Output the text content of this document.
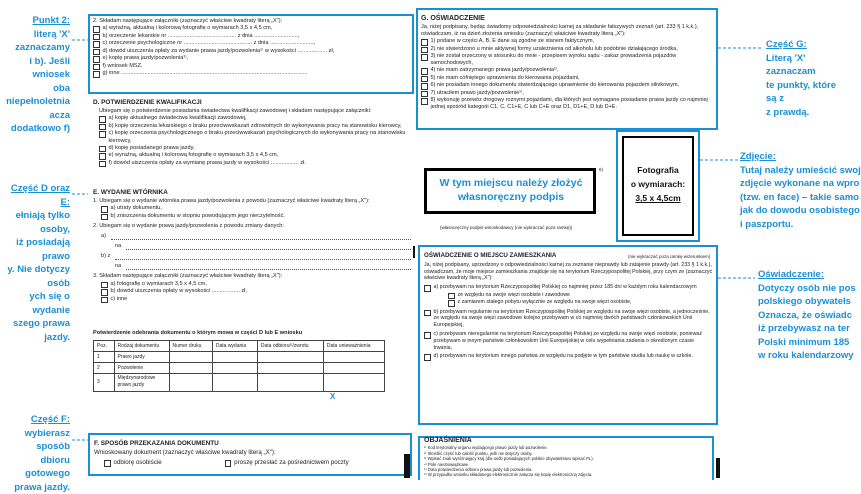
Punkt 2:
literą 'X' zaznaczamy
i b). Jeśli wniosek
oba niepełnoletnia
acza dodatkowo f)
Część D oraz E:
ełniają tylko osoby,
iż posiadają prawo
y. Nie dotyczy osób
ych się o wydanie
szego prawa jazdy.
Część F:
wybierasz sposób
dbioru gotowego
prawa jazdy.
Część G:
Literą 'X' zaznaczam
te punkty, które są z
z prawdą.
Zdjęcie:
Tutaj należy umieścić swoj
zdjęcie wykonane na wpro
(tzw. en face) – takie samo
jak do dowodu osobistego
i paszportu.
Oświadczenie:
Dotyczy osób nie pos
polskiego obywatels
Oznacza, że oświadc
iż przebywasz na ter
Polski minimum 185
w roku kalendarzowy
2. Składam następujące załączniki (zaznaczyć właściwe kwadraty literą „X"):
a) wyraźną, aktualną i kolorową fotografię o wymiarach 3,5 x 4,5 cm,
b) orzeczenie lekarskie nr ............................................ z dnia ............................,
c) orzeczenie psychologiczne nr ............................................ z dnia ............................,
d) dowód uiszczenia opłaty za wydanie prawa jazdy/pozwolenia¹⁾ w wysokości ................... zł,
e) kopię prawa jazdy/pozwolenia¹⁾,
f) wniosek MSZ,
g) inne ........................................................................................................................
D. POTWIERDZENIE KWALIFIKACJI
Ubiegam się o potwierdzenie posiadania świadectwa kwalifikacji zawodowej i składam następujące załączniki:
a) kopię aktualnego świadectwa kwalifikacji zawodowej,
b) kopię orzeczenia lekarskiego o braku przeciwwskazań zdrowotnych do wykonywania pracy na stanowisku kierowcy,
c) kopię orzeczenia psychologicznego o braku przeciwwskazań psychologicznych do wykonywania pracy na stanowisku kierowcy,
d) kopię posiadanego prawa jazdy,
e) wyraźną, aktualną i kolorową fotografię o wymiarach 3,5 x 4,5 cm,
f) dowód uiszczenia opłaty za wymianę prawa jazdy w wysokości .................. zł.
E. WYDANIE WTÓRNIKA
1. Ubiegam się o wydanie wtórnika prawa jazdy/pozwolenia z powodu (zaznaczyć właściwe kwadraty literą „X"):
a) utraty dokumentu,
b) zniszczenia dokumentu w stopniu powodującym jego nieczytelność.
2. Ubiegam się o wydanie prawa jazdy/pozwolenia z powodu zmiany danych:
a)
na
b) z
na
3. Składam następujące załączniki (zaznaczyć właściwe kwadraty literą „X"):
a) fotografię o wymiarach 3,5 x 4,5 cm,
b) dowód uiszczenia opłaty w wysokości .................. zł,
c) inne
Potwierdzenie odebrania dokumentu o którym mowa w części D lub E wniosku
Poz.	Rodzaj dokumentu	Numer druku	Data wydania	Data odbioru²⁾/zwrotu	Data unieważnienia
1	Prawo jazdy				
2	Pozwolenie				
3	Międzynarodowe prawo jazdy				
X
F. SPOSÓB PRZEKAZANIA DOKUMENTU
Wnioskowany dokument (zaznaczyć właściwe kwadraty literą „X"):
odbiorę osobiście	proszę przesłać za pośrednictwem poczty
G. OŚWIADCZENIE
Ja, niżej podpisany, będąc świadomy odpowiedzialności karnej za składanie fałszywych zeznań (art. 233 § 1 k.k.), oświadczam, iż na dzień złożenia wniosku (zaznaczyć właściwe kwadraty literą „X"):
1) podane w części A, B, E dane są zgodne ze stanem faktycznym,
2) nie stwierdzono u mnie aktywnej formy uzależnienia od alkoholu lub podobnie działającego środka,
3) nie został orzeczony w stosunku do mnie - przepisem wyroku sądu - zakaz prowadzenia pojazdów samochodowych,
4) nie mam zatrzymanego prawa jazdy/pozwolenia¹⁾,
5) nie mam cofniętego uprawnienia do kierowania pojazdami,
6) nie posiadam innego dokumentu stwierdzającego uprawnienie do kierowania pojazdem silnikowym,
7) utraciłem prawo jazdy/pozwolenie¹⁾,
8) wykonuję przewóz drogowy rożnymi pojazdami, dla których jest wymagane posiadanie prawa jazdy co najmniej jednej spośród kategorii C1, C, C1+E, C lub C+E oraz D1, D1+E, D lub D+E.
W tym miejscu należy złożyć własnoręczny podpis
6)
(własnoręczny podpis wnioskodawcy (nie wykraczać poza ramkę))
Fotografia
o wymiarach:
3,5 x 4,5cm
(nie wykraczać poza ramkę wizerunkiem)
OŚWIADCZENIE O MIEJSCU ZAMIESZKANIA
Ja, niżej podpisany, uprzedzony o odpowiedzialności karnej za zeznanie nieprawdy lub zatajenie prawdy (art. 233 § 1 k.k.), oświadczam, że moje miejsce zamieszkania znajduje się na terytorium Rzeczypospolitej Polskiej, przy czym ze (zaznaczyć właściwe kwadraty literą „X"):
a) przebywam na terytorium Rzeczypospolitej Polskiej co najmniej przez 185 dni w każdym roku kalendarzowym
ze względu na swoje więzi osobiste i zawodowe
z zamiarem stałego pobytu wyłącznie ze względu na swoje więzi osobiste,
b) przebywam regularnie na terytorium Rzeczypospolitej Polskiej ze względu na swoje więzi osobiste, a jednocześnie, ze względu na swoje więzi zawodowe kolejno przebywam w co najmniej dwóch państwach członkowskich Unii Europejskiej,
c) przebywam nieregularnie na terytorium Rzeczypospolitej Polskiej ze względu na swoje więzi osobiste, ponieważ przebywam w innym państwie członkowskim Unii Europejskiej w celu wypełniania zadania o określonym czasie trwania,
d) przebywam na terytorium innego państwa ze względu na podjęte w tym państwie studia lub naukę w szkole.
OBJAŚNIENIA
¹⁾ Kod terytorialny organu wydającego prawo jazdy lub pozwolenie.
²⁾ Skreślić część lub całość punktu, jeśli nie dotyczy osoby.
³⁾ Wpisać znak wyróżniający kraj (dla osób posiadających polskie obywatelstwo wpisać PL).
⁴⁾ Pole nieobowiązkowe.
⁵⁾ Data potwierdzenia odbioru prawa jazdy lub pozwolenia.
⁶⁾ W przypadku wniosku składanego elektronicznie załącza się kopię elektroniczną zdjęcia.
